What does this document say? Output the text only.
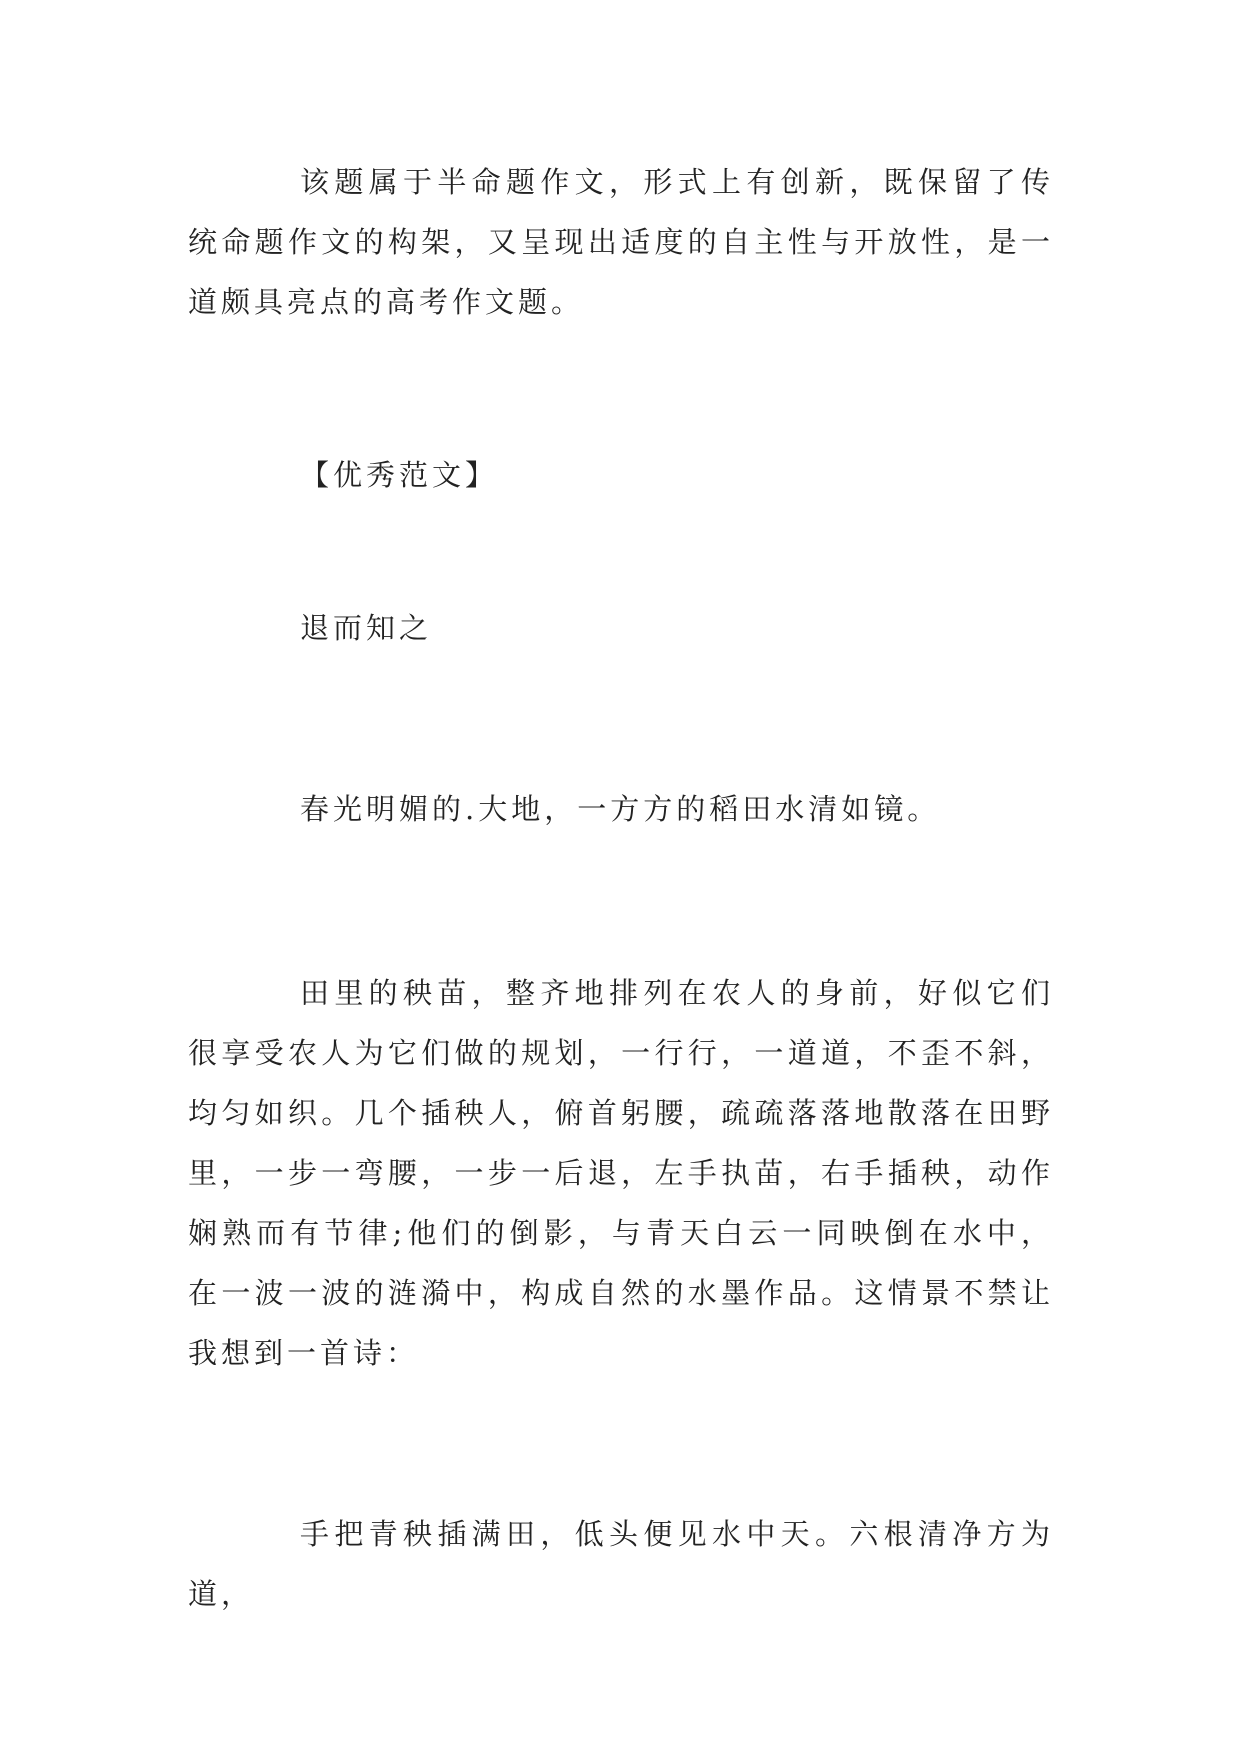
该题属于半命题作文，形式上有创新，既保留了传统命题作文的构架，又呈现出适度的自主性与开放性，是一道颇具亮点的高考作文题。

【优秀范文】

退而知之

春光明媚的.大地，一方方的稻田水清如镜。

田里的秧苗，整齐地排列在农人的身前，好似它们很享受农人为它们做的规划，一行行，一道道，不歪不斜，均匀如织。几个插秧人，俯首躬腰，疏疏落落地散落在田野里，一步一弯腰，一步一后退，左手执苗，右手插秧，动作娴熟而有节律;他们的倒影，与青天白云一同映倒在水中，在一波一波的涟漪中，构成自然的水墨作品。这情景不禁让我想到一首诗：

手把青秧插满田，低头便见水中天。六根清净方为道，
